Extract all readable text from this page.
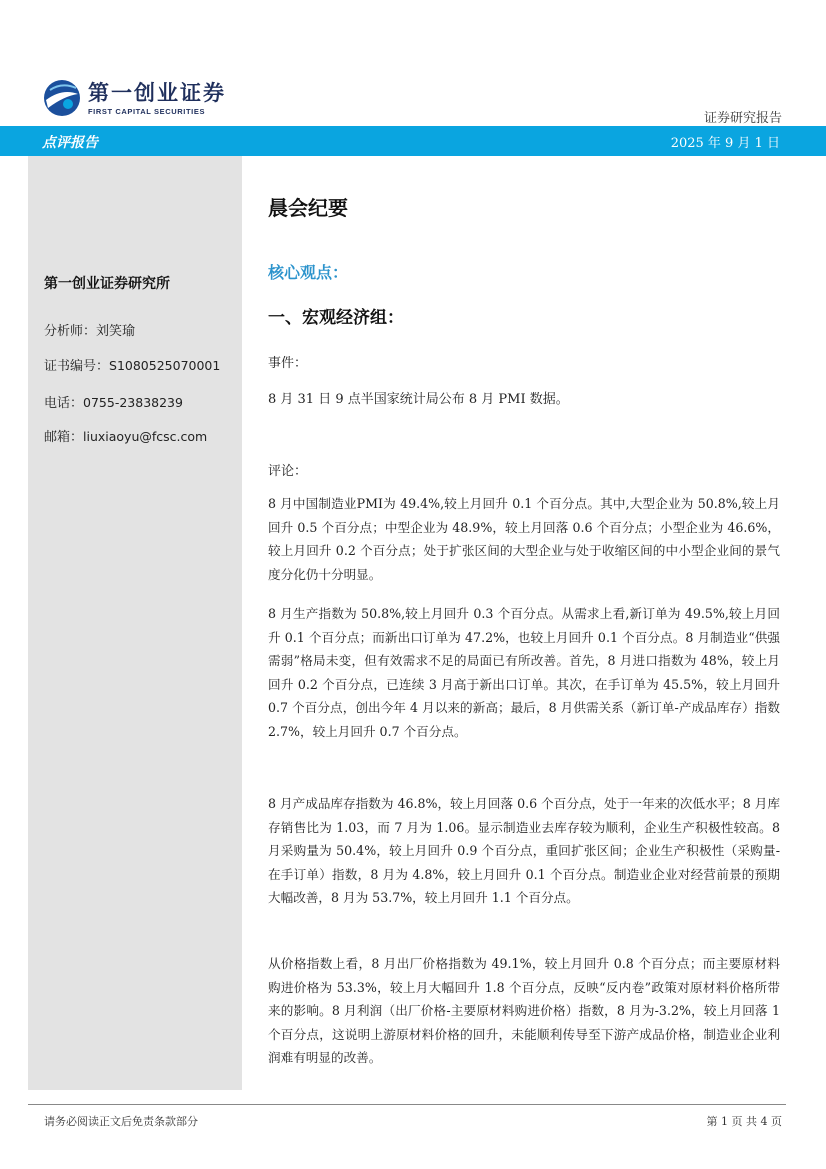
第一创业证券
FIRST CAPITAL SECURITIES	证券研究报告
点评报告	2025 年 9 月 1 日
第一创业证券研究所
分析师：刘笑瑜
证书编号：S1080525070001
电话：0755-23838239
邮箱：liuxiaoyu@fcsc.com
晨会纪要
核心观点：
一、宏观经济组：
事件：
8 月 31 日 9 点半国家统计局公布 8 月 PMI 数据。
评论：
8 月中国制造业PMI为 49.4%,较上月回升 0.1 个百分点。其中,大型企业为 50.8%,较上月回升 0.5 个百分点；中型企业为 48.9%，较上月回落 0.6 个百分点；小型企业为 46.6%，较上月回升 0.2 个百分点；处于扩张区间的大型企业与处于收缩区间的中小型企业间的景气度分化仍十分明显。
8 月生产指数为 50.8%,较上月回升 0.3 个百分点。从需求上看,新订单为 49.5%,较上月回升 0.1 个百分点；而新出口订单为 47.2%，也较上月回升 0.1 个百分点。8 月制造业“供强需弱”格局未变，但有效需求不足的局面已有所改善。首先，8 月进口指数为 48%，较上月回升 0.2 个百分点，已连续 3 月高于新出口订单。其次，在手订单为 45.5%，较上月回升 0.7 个百分点，创出今年 4 月以来的新高；最后，8 月供需关系（新订单-产成品库存）指数 2.7%，较上月回升 0.7 个百分点。
8 月产成品库存指数为 46.8%，较上月回落 0.6 个百分点，处于一年来的次低水平；8 月库存销售比为 1.03，而 7 月为 1.06。显示制造业去库存较为顺利，企业生产积极性较高。8 月采购量为 50.4%，较上月回升 0.9 个百分点，重回扩张区间；企业生产积极性（采购量-在手订单）指数，8 月为 4.8%，较上月回升 0.1 个百分点。制造业企业对经营前景的预期大幅改善，8 月为 53.7%，较上月回升 1.1 个百分点。
从价格指数上看，8 月出厂价格指数为 49.1%，较上月回升 0.8 个百分点；而主要原材料购进价格为 53.3%，较上月大幅回升 1.8 个百分点，反映“反内卷”政策对原材料价格所带来的影响。8 月利润（出厂价格-主要原材料购进价格）指数，8 月为-3.2%，较上月回落 1 个百分点，这说明上游原材料价格的回升，未能顺利传导至下游产成品价格，制造业企业利润难有明显的改善。
请务必阅读正文后免责条款部分	第 1 页 共 4 页
